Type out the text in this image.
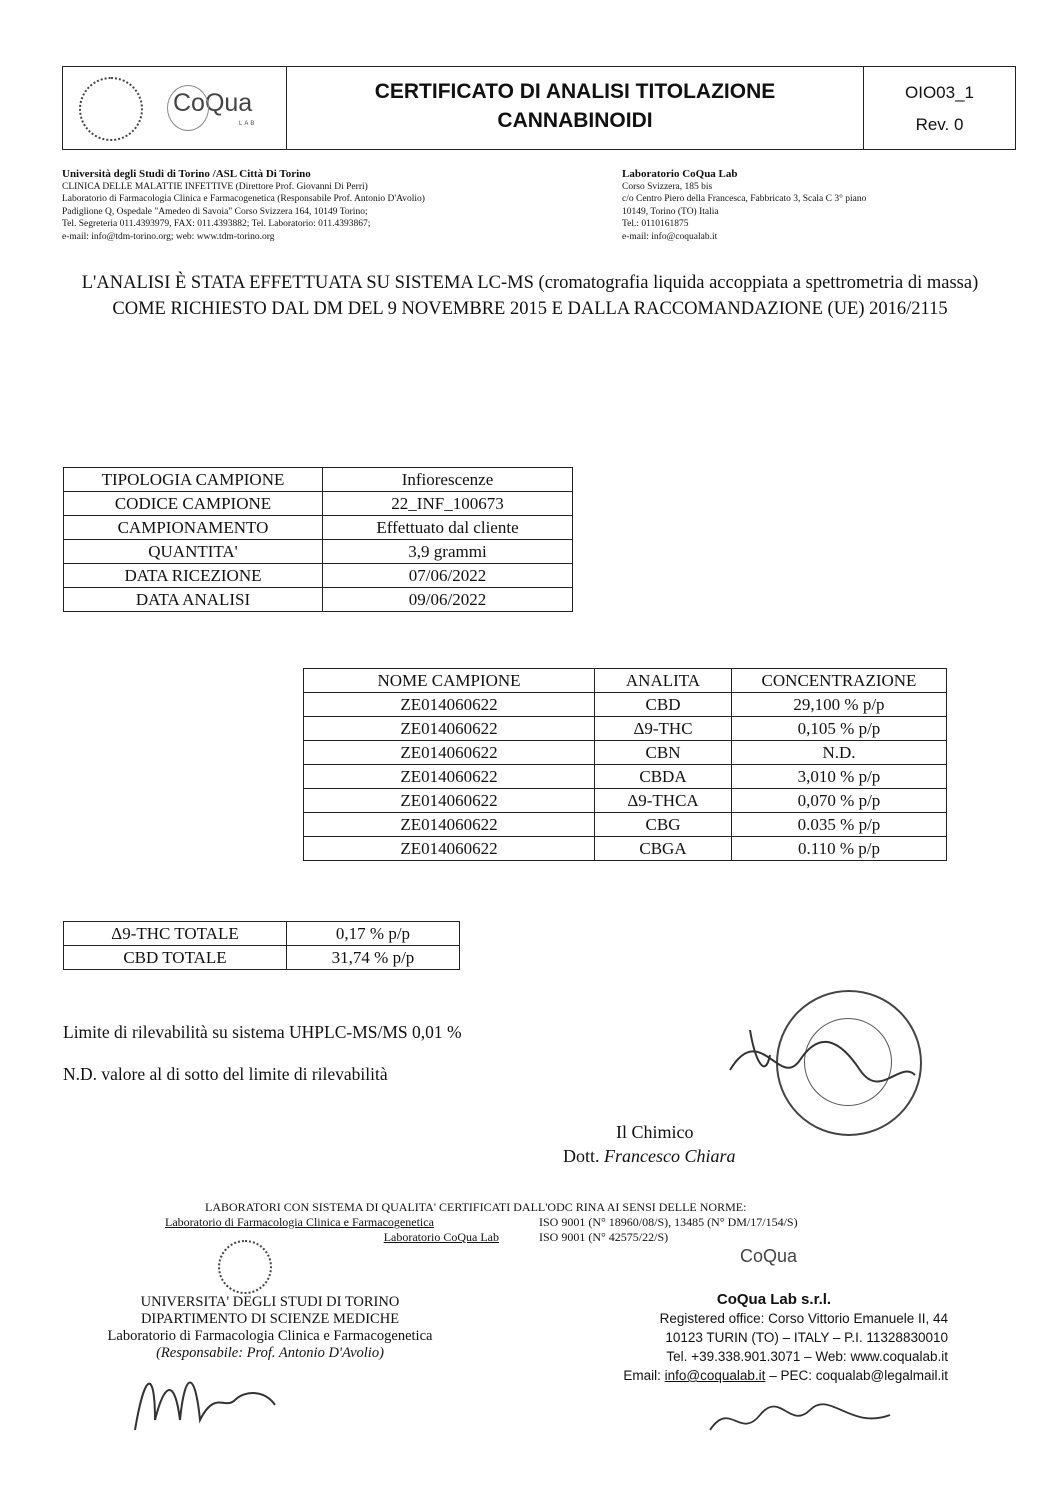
CoQua
LAB
CERTIFICATO DI ANALISI TITOLAZIONE
CANNABINOIDI
OIO03_1
Rev. 0
Università degli Studi di Torino /ASL Città Di Torino
CLINICA DELLE MALATTIE INFETTIVE (Direttore Prof. Giovanni Di Perri)
Laboratorio di Farmacologia Clinica e Farmacogenetica (Responsabile Prof. Antonio D'Avolio)
Padiglione Q, Ospedale "Amedeo di Savoia" Corso Svizzera 164, 10149 Torino;
Tel. Segreteria 011.4393979, FAX: 011.4393882; Tel. Laboratorio: 011.4393867;
e-mail: info@tdm-torino.org; web: www.tdm-torino.org
Laboratorio CoQua Lab
Corso Svizzera, 185 bis
c/o Centro Piero della Francesca, Fabbricato 3, Scala C 3° piano
10149, Torino (TO) Italia
Tel.: 0110161875
e-mail: info@coqualab.it
L'ANALISI È STATA EFFETTUATA SU SISTEMA LC-MS (cromatografia liquida accoppiata a spettrometria di massa) COME RICHIESTO DAL DM DEL 9 NOVEMBRE 2015 E DALLA RACCOMANDAZIONE (UE) 2016/2115
TIPOLOGIA CAMPIONE	Infiorescenze
CODICE CAMPIONE	22_INF_100673
CAMPIONAMENTO	Effettuato dal cliente
QUANTITA'	3,9 grammi
DATA RICEZIONE	07/06/2022
DATA ANALISI	09/06/2022
NOME CAMPIONE	ANALITA	CONCENTRAZIONE
ZE014060622	CBD	29,100 % p/p
ZE014060622	Δ9-THC	0,105 % p/p
ZE014060622	CBN	N.D.
ZE014060622	CBDA	3,010 % p/p
ZE014060622	Δ9-THCA	0,070 % p/p
ZE014060622	CBG	0.035 % p/p
ZE014060622	CBGA	0.110 % p/p
Δ9-THC TOTALE	0,17 % p/p
CBD TOTALE	31,74 % p/p
Limite di rilevabilità su sistema UHPLC-MS/MS 0,01 %
N.D. valore al di sotto del limite di rilevabilità
Il Chimico
Dott. Francesco Chiara
LABORATORI CON SISTEMA DI QUALITA' CERTIFICATI DALL'ODC RINA AI SENSI DELLE NORME:
Laboratorio di Farmacologia Clinica e Farmacogenetica	ISO 9001 (N° 18960/08/S), 13485 (N° DM/17/154/S)
Laboratorio CoQua Lab	ISO 9001 (N° 42575/22/S)
UNIVERSITA' DEGLI STUDI DI TORINO
DIPARTIMENTO DI SCIENZE MEDICHE
Laboratorio di Farmacologia Clinica e Farmacogenetica
(Responsabile: Prof. Antonio D'Avolio)
CoQua
CoQua Lab s.r.l.
Registered office: Corso Vittorio Emanuele II, 44
10123 TURIN (TO) – ITALY – P.I. 11328830010
Tel. +39.338.901.3071 – Web: www.coqualab.it
Email: info@coqualab.it – PEC: coqualab@legalmail.it
